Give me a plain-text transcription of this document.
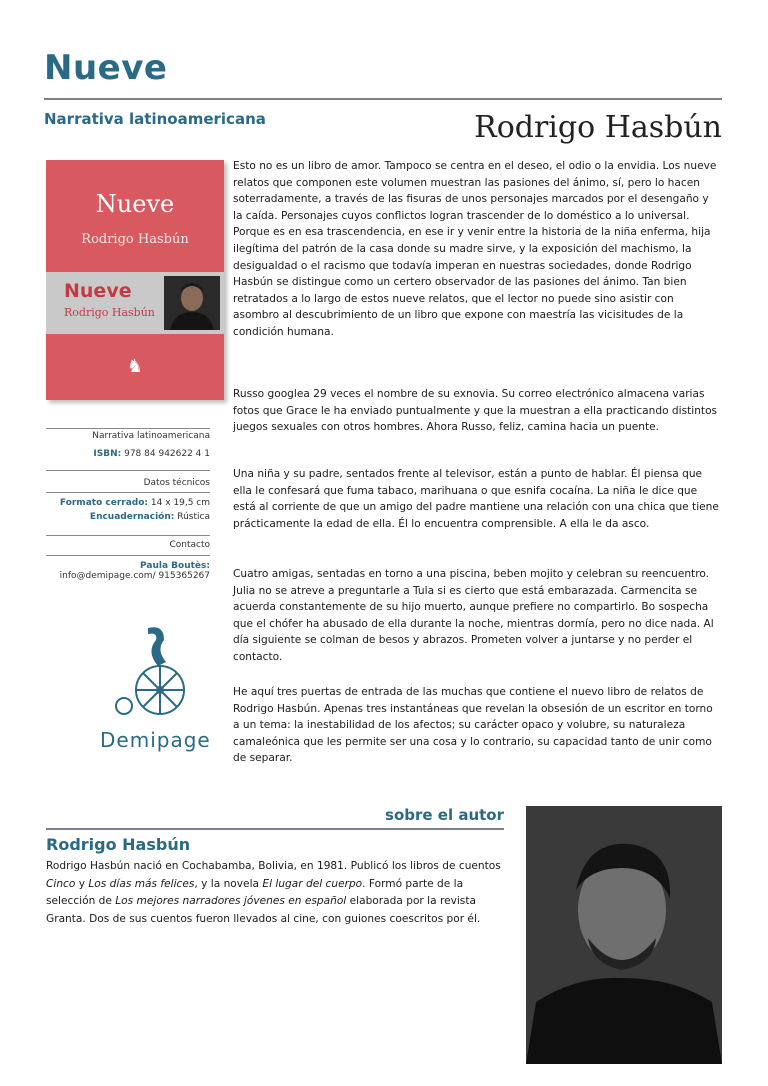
Nueve
Narrativa latinoamericana	Rodrigo Hasbún
Nueve
Rodrigo Hasbún
Nueve
Rodrigo Hasbún
♞
Narrativa latinoamericana
ISBN: 978 84 942622 4 1
Datos técnicos
Formato cerrado: 14 x 19,5 cm
Encuadernación: Rústica
Contacto
Paula Boutès: info@demipage.com/ 915365267
Demipage

Esto no es un libro de amor. Tampoco se centra en el deseo, el odio o la envidia. Los nueve relatos que componen este volumen muestran las pasiones del ánimo, sí, pero lo hacen soterradamente, a través de las fisuras de unos personajes marcados por el desengaño y la caída. Personajes cuyos conflictos logran trascender de lo doméstico a lo universal. Porque es en esa trascendencia, en ese ir y venir entre la historia de la niña enferma, hija ilegítima del patrón de la casa donde su madre sirve, y la exposición del machismo, la desigualdad o el racismo que todavía imperan en nuestras sociedades, donde Rodrigo Hasbún se distingue como un certero observador de las pasiones del ánimo. Tan bien retratados a lo largo de estos nueve relatos, que el lector no puede sino asistir con asombro al descubrimiento de un libro que expone con maestría las vicisitudes de la condición humana.

Russo googlea 29 veces el nombre de su exnovia. Su correo electrónico almacena varias fotos que Grace le ha enviado puntualmente y que la muestran a ella practicando distintos juegos sexuales con otros hombres. Ahora Russo, feliz, camina hacia un puente.

Una niña y su padre, sentados frente al televisor, están a punto de hablar. Él piensa que ella le confesará que fuma tabaco, marihuana o que esnifa cocaína. La niña le dice que está al corriente de que un amigo del padre mantiene una relación con una chica que tiene prácticamente la edad de ella. Él lo encuentra comprensible. A ella le da asco.

Cuatro amigas, sentadas en torno a una piscina, beben mojito y celebran su reencuentro. Julia no se atreve a preguntarle a Tula si es cierto que está embarazada. Carmencita se acuerda constantemente de su hijo muerto, aunque prefiere no compartirlo. Bo sospecha que el chófer ha abusado de ella durante la noche, mientras dormía, pero no dice nada. Al día siguiente se colman de besos y abrazos. Prometen volver a juntarse y no perder el contacto.

He aquí tres puertas de entrada de las muchas que contiene el nuevo libro de relatos de Rodrigo Hasbún. Apenas tres instantáneas que revelan la obsesión de un escritor en torno a un tema: la inestabilidad de los afectos; su carácter opaco y volubre, su naturaleza camaleónica que les permite ser una cosa y lo contrario, su capacidad tanto de unir como de separar.

sobre el autor
Rodrigo Hasbún
Rodrigo Hasbún nació en Cochabamba, Bolivia, en 1981. Publicó los libros de cuentos Cinco y Los días más felices, y la novela El lugar del cuerpo. Formó parte de la selección de Los mejores narradores jóvenes en español elaborada por la revista Granta. Dos de sus cuentos fueron llevados al cine, con guiones coescritos por él.
